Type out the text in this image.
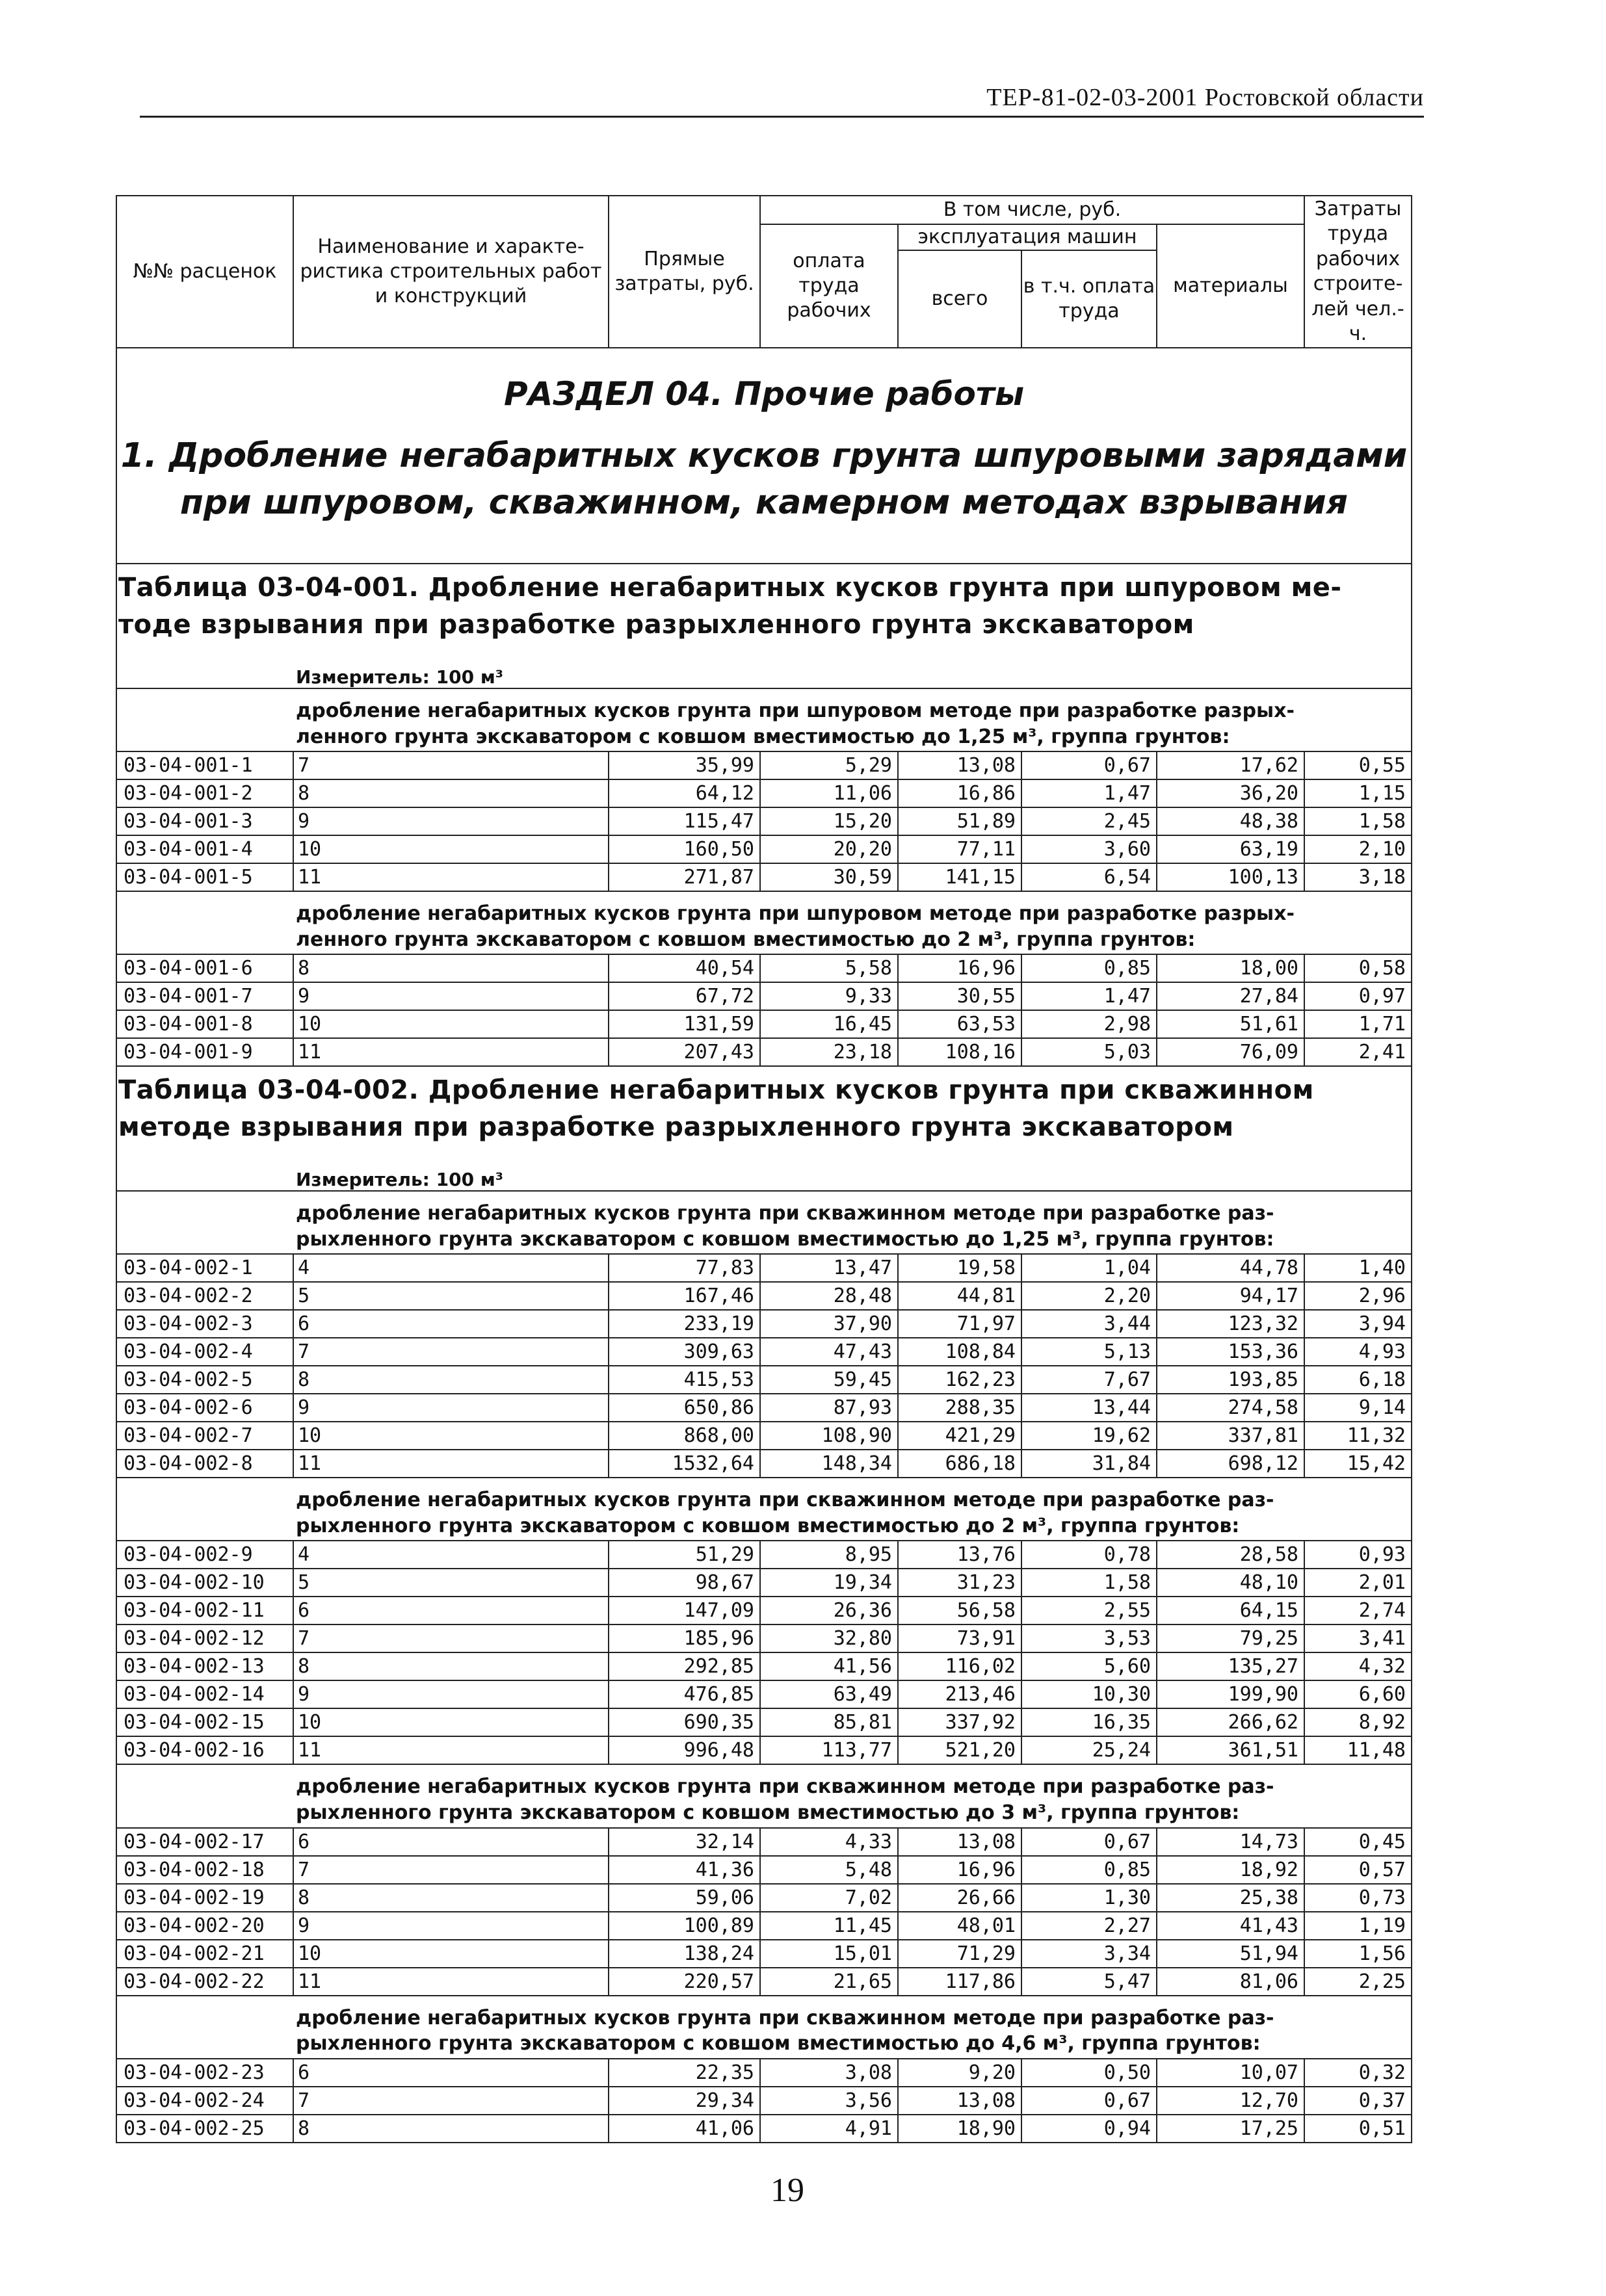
ТЕР-81-02-03-2001 Ростовской области
№№ расценок	Наименование и характе-ристика строительных работ и конструкций	Прямые затраты, руб.	В том числе, руб.				Затраты труда рабочих строите-лей чел.-ч.
			оплата труда рабочих	эксплуатация машин		материалы	
				всего	в т.ч. оплата труда		
РАЗДЕЛ 04. Прочие работы							
1. Дробление негабаритных кусков грунта шпуровыми зарядами
при шпуровом, скважинном, камерном методах взрывания							
Таблица 03-04-001. Дробление негабаритных кусков грунта при шпуровом ме-
тоде взрывания при разработке разрыхленного грунта экскаватором							
Измеритель: 100 м³							
дробление негабаритных кусков грунта при шпуровом методе при разработке разрых-
ленного грунта экскаватором с ковшом вместимостью до 1,25 м³, группа грунтов:							
03-04-001-1	7	35,99	5,29	13,08	0,67	17,62	0,55
03-04-001-2	8	64,12	11,06	16,86	1,47	36,20	1,15
03-04-001-3	9	115,47	15,20	51,89	2,45	48,38	1,58
03-04-001-4	10	160,50	20,20	77,11	3,60	63,19	2,10
03-04-001-5	11	271,87	30,59	141,15	6,54	100,13	3,18
дробление негабаритных кусков грунта при шпуровом методе при разработке разрых-
ленного грунта экскаватором с ковшом вместимостью до 2 м³, группа грунтов:							
03-04-001-6	8	40,54	5,58	16,96	0,85	18,00	0,58
03-04-001-7	9	67,72	9,33	30,55	1,47	27,84	0,97
03-04-001-8	10	131,59	16,45	63,53	2,98	51,61	1,71
03-04-001-9	11	207,43	23,18	108,16	5,03	76,09	2,41
Таблица 03-04-002. Дробление негабаритных кусков грунта при скважинном
методе взрывания при разработке разрыхленного грунта экскаватором							
Измеритель: 100 м³							
дробление негабаритных кусков грунта при скважинном методе при разработке раз-
рыхленного грунта экскаватором с ковшом вместимостью до 1,25 м³, группа грунтов:							
03-04-002-1	4	77,83	13,47	19,58	1,04	44,78	1,40
03-04-002-2	5	167,46	28,48	44,81	2,20	94,17	2,96
03-04-002-3	6	233,19	37,90	71,97	3,44	123,32	3,94
03-04-002-4	7	309,63	47,43	108,84	5,13	153,36	4,93
03-04-002-5	8	415,53	59,45	162,23	7,67	193,85	6,18
03-04-002-6	9	650,86	87,93	288,35	13,44	274,58	9,14
03-04-002-7	10	868,00	108,90	421,29	19,62	337,81	11,32
03-04-002-8	11	1532,64	148,34	686,18	31,84	698,12	15,42
дробление негабаритных кусков грунта при скважинном методе при разработке раз-
рыхленного грунта экскаватором с ковшом вместимостью до 2 м³, группа грунтов:							
03-04-002-9	4	51,29	8,95	13,76	0,78	28,58	0,93
03-04-002-10	5	98,67	19,34	31,23	1,58	48,10	2,01
03-04-002-11	6	147,09	26,36	56,58	2,55	64,15	2,74
03-04-002-12	7	185,96	32,80	73,91	3,53	79,25	3,41
03-04-002-13	8	292,85	41,56	116,02	5,60	135,27	4,32
03-04-002-14	9	476,85	63,49	213,46	10,30	199,90	6,60
03-04-002-15	10	690,35	85,81	337,92	16,35	266,62	8,92
03-04-002-16	11	996,48	113,77	521,20	25,24	361,51	11,48
дробление негабаритных кусков грунта при скважинном методе при разработке раз-
рыхленного грунта экскаватором с ковшом вместимостью до 3 м³, группа грунтов:							
03-04-002-17	6	32,14	4,33	13,08	0,67	14,73	0,45
03-04-002-18	7	41,36	5,48	16,96	0,85	18,92	0,57
03-04-002-19	8	59,06	7,02	26,66	1,30	25,38	0,73
03-04-002-20	9	100,89	11,45	48,01	2,27	41,43	1,19
03-04-002-21	10	138,24	15,01	71,29	3,34	51,94	1,56
03-04-002-22	11	220,57	21,65	117,86	5,47	81,06	2,25
дробление негабаритных кусков грунта при скважинном методе при разработке раз-
рыхленного грунта экскаватором с ковшом вместимостью до 4,6 м³, группа грунтов:							
03-04-002-23	6	22,35	3,08	9,20	0,50	10,07	0,32
03-04-002-24	7	29,34	3,56	13,08	0,67	12,70	0,37
03-04-002-25	8	41,06	4,91	18,90	0,94	17,25	0,51
19
